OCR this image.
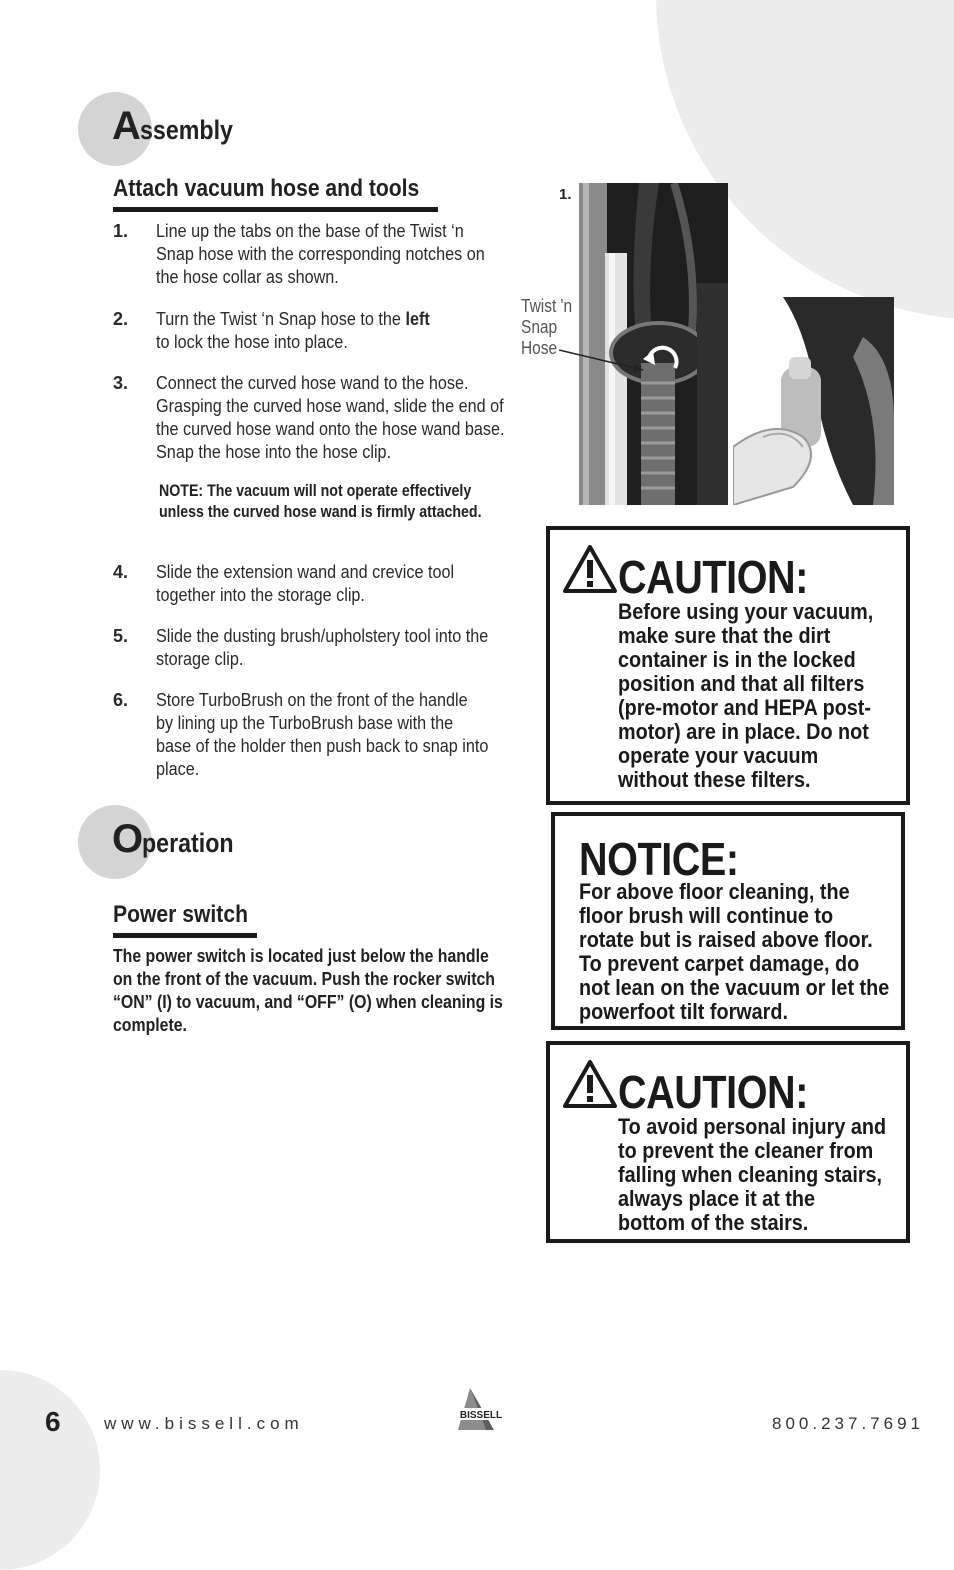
Assembly
Attach vacuum hose and tools
1. Line up the tabs on the base of the Twist ‘n Snap hose with the corresponding notches on the hose collar as shown.
2. Turn the Twist ‘n Snap hose to the left
to lock the hose into place.
3. Connect the curved hose wand to the hose. Grasping the curved hose wand, slide the end of the curved hose wand onto the hose wand base. Snap the hose into the hose clip.
NOTE: The vacuum will not operate effectively unless the curved hose wand is firmly attached.
4. Slide the extension wand and crevice tool together into the storage clip.
5. Slide the dusting brush/upholstery tool into the storage clip.
6. Store TurboBrush on the front of the handle by lining up the TurboBrush base with the base of the holder then push back to snap into place.
Operation
Power switch
The power switch is located just below the handle on the front of the vacuum. Push the rocker switch “ON” (I) to vacuum, and “OFF” (O) when cleaning is complete.
1.
Twist 'n
Snap
Hose
CAUTION:
Before using your vacuum, make sure that the dirt container is in the locked position and that all filters (pre-motor and HEPA post-motor) are in place. Do not operate your vacuum without these filters.
NOTICE:
For above floor cleaning, the floor brush will continue to rotate but is raised above floor. To prevent carpet damage, do not lean on the vacuum or let the powerfoot tilt forward.
CAUTION:
To avoid personal injury and to prevent the cleaner from falling when cleaning stairs, always place it at the bottom of the stairs.
6	www.bissell.com	BISSELL	800.237.7691
